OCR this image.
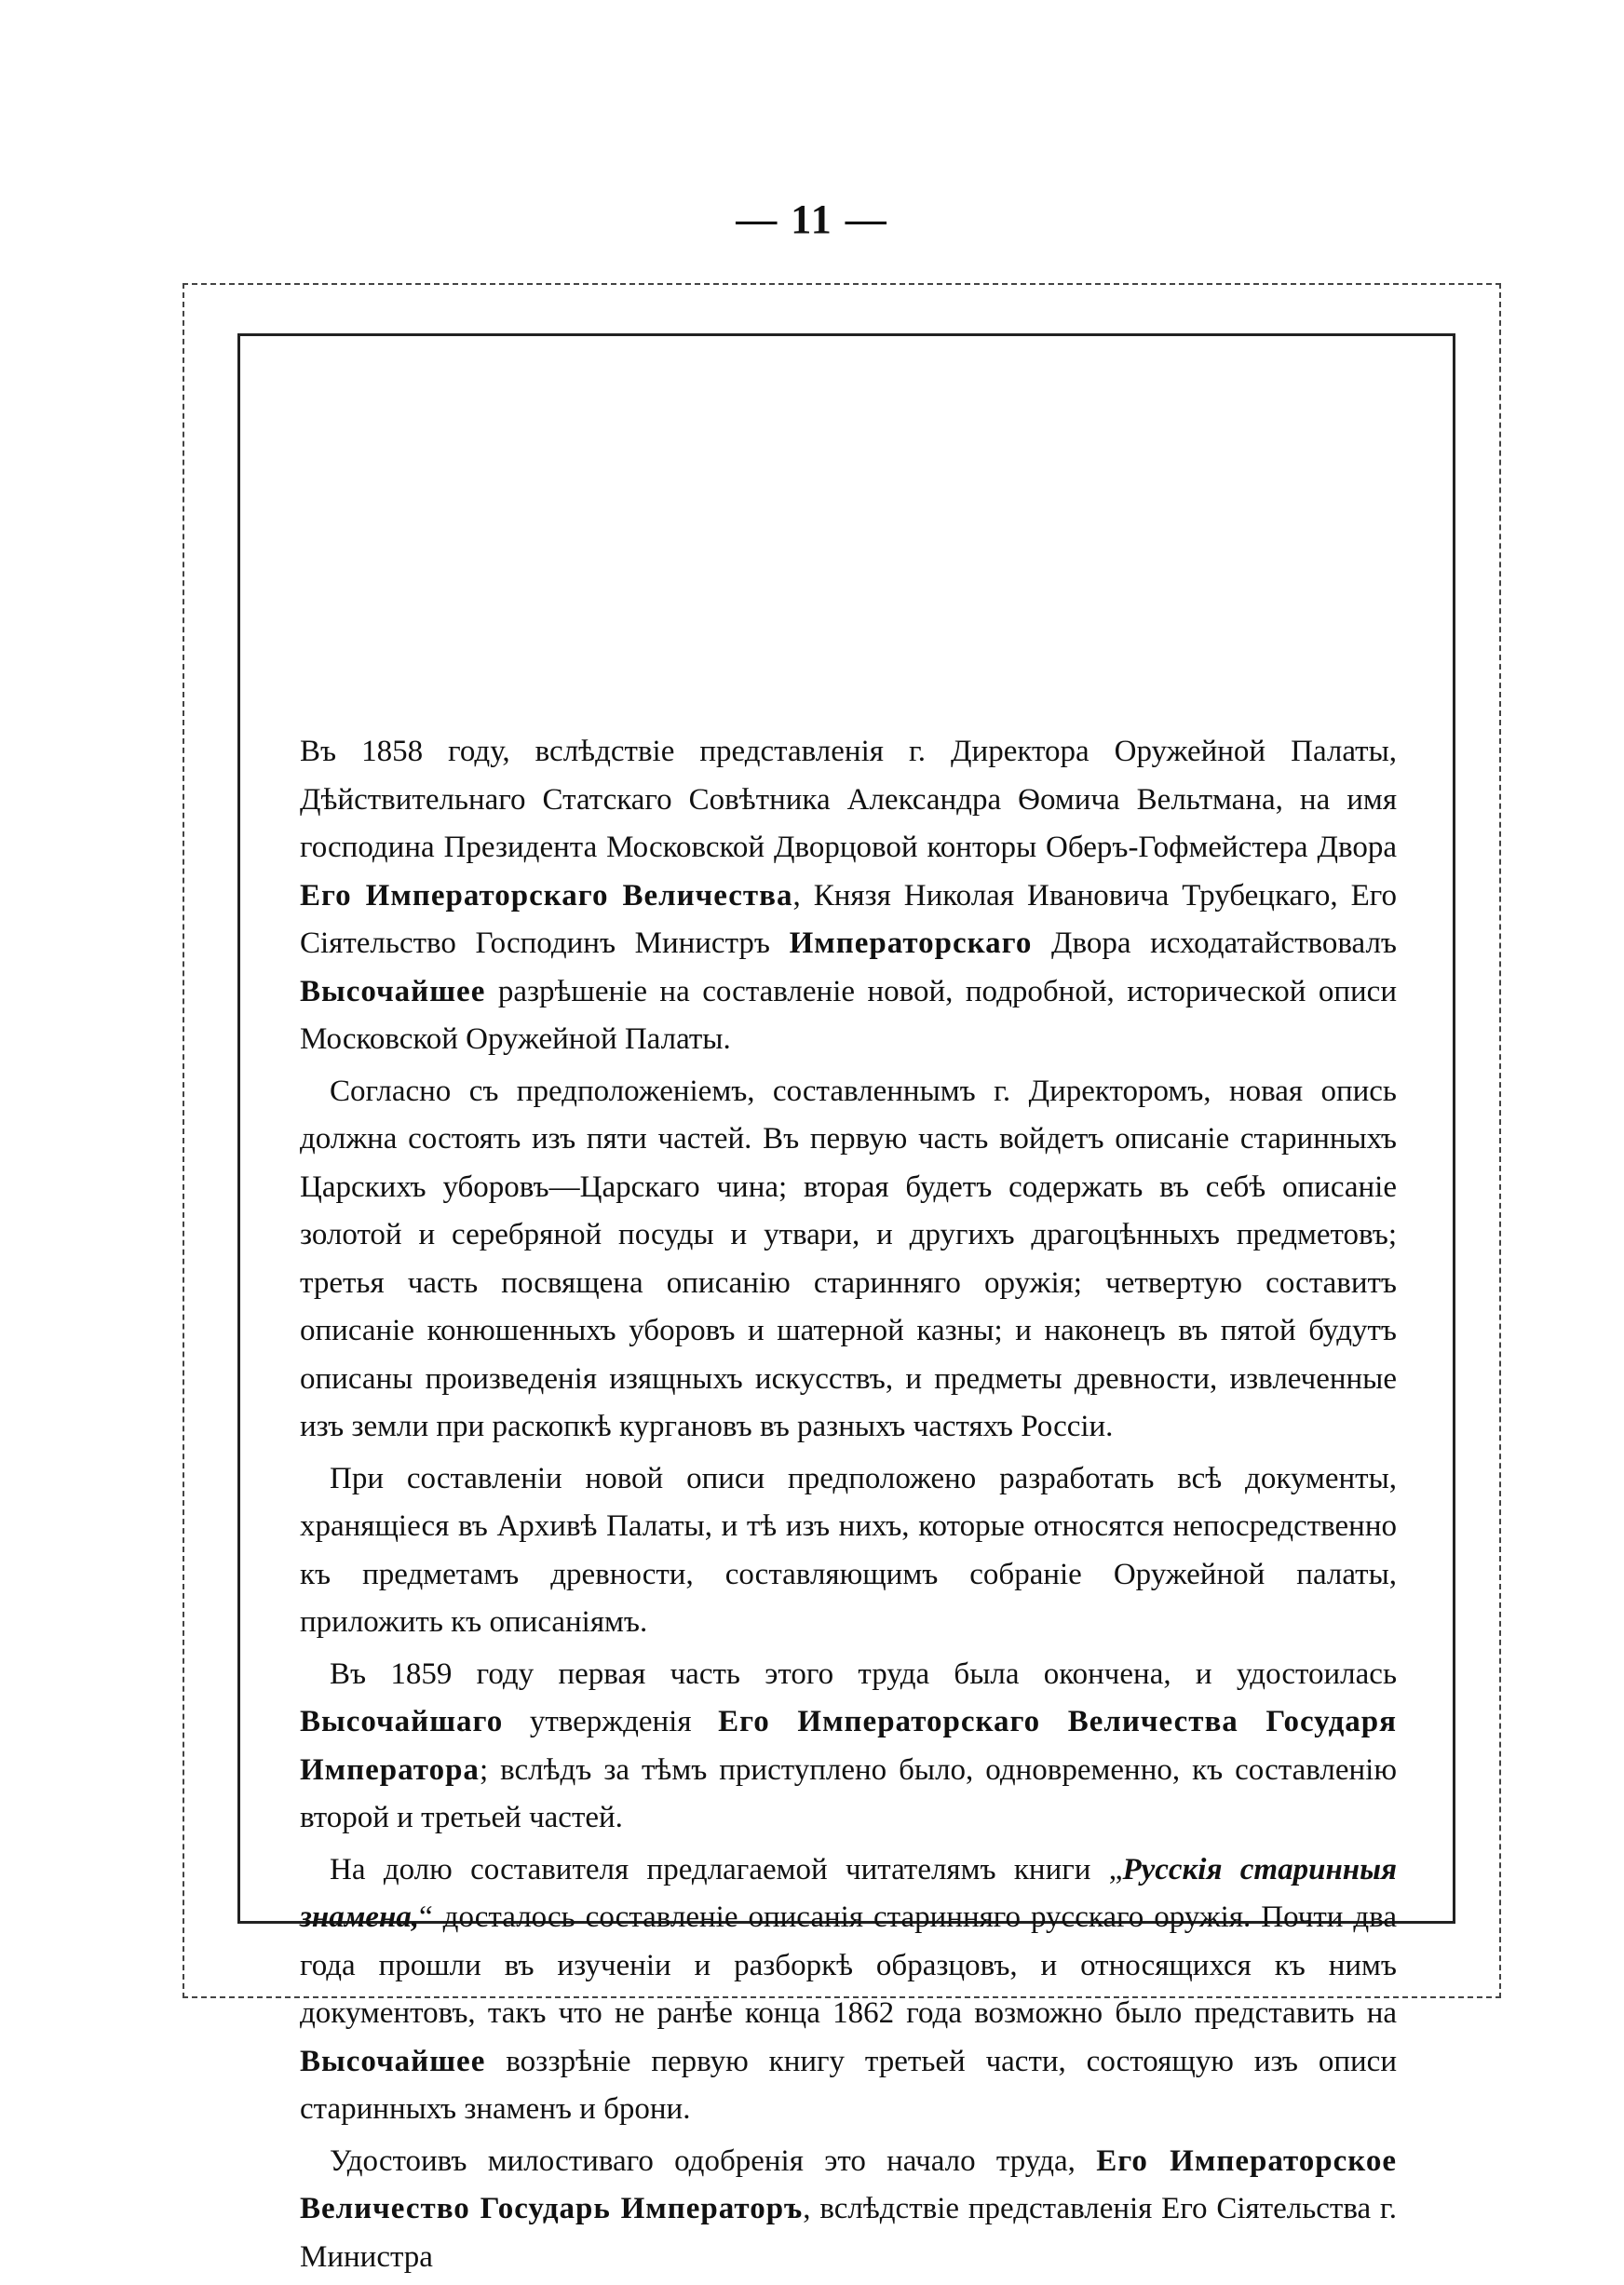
— 11 —

Въ 1858 году, вслѣдствіе представленія г. Директора Оружейной Палаты, Дѣйствительнаго Статскаго Совѣтника Александра Ѳомича Вельтмана, на имя господина Президента Московской Дворцовой конторы Оберъ-Гофмейстера Двора Его Императорскаго Величества, Князя Николая Ивановича Трубецкаго, Его Сіятельство Господинъ Министръ Императорскаго Двора исходатайствовалъ Высочайшее разрѣшеніе на составленіе новой, подробной, исторической описи Московской Оружейной Палаты.

Согласно съ предположеніемъ, составленнымъ г. Директоромъ, новая опись должна состоять изъ пяти частей. Въ первую часть войдетъ описаніе старинныхъ Царскихъ уборовъ—Царскаго чина; вторая будетъ содержать въ себѣ описаніе золотой и серебряной посуды и утвари, и другихъ драгоцѣнныхъ предметовъ; третья часть посвящена описанію старинняго оружія; четвертую составитъ описаніе конюшенныхъ уборовъ и шатерной казны; и наконецъ въ пятой будутъ описаны произведенія изящныхъ искусствъ, и предметы древности, извлеченные изъ земли при раскопкѣ кургановъ въ разныхъ частяхъ Россіи.

При составленіи новой описи предположено разработать всѣ документы, хранящіеся въ Архивѣ Палаты, и тѣ изъ нихъ, которые относятся непосредственно къ предметамъ древности, составляющимъ собраніе Оружейной палаты, приложить къ описаніямъ.

Въ 1859 году первая часть этого труда была окончена, и удостоилась Высочайшаго утвержденія Его Императорскаго Величества Государя Императора; вслѣдъ за тѣмъ приступлено было, одновременно, къ составленію второй и третьей частей.

На долю составителя предлагаемой читателямъ книги „Русскія старинныя знамена,“ досталось составленіе описанія старинняго русскаго оружія. Почти два года прошли въ изученіи и разборкѣ образцовъ, и относящихся къ нимъ документовъ, такъ что не ранѣе конца 1862 года возможно было представить на Высочайшее воззрѣніе первую книгу третьей части, состоящую изъ описи старинныхъ знаменъ и брони.

Удостоивъ милостиваго одобренія это начало труда, Его Императорское Величество Государь Императоръ, вслѣдствіе представленія Его Сіятельства г. Министра
